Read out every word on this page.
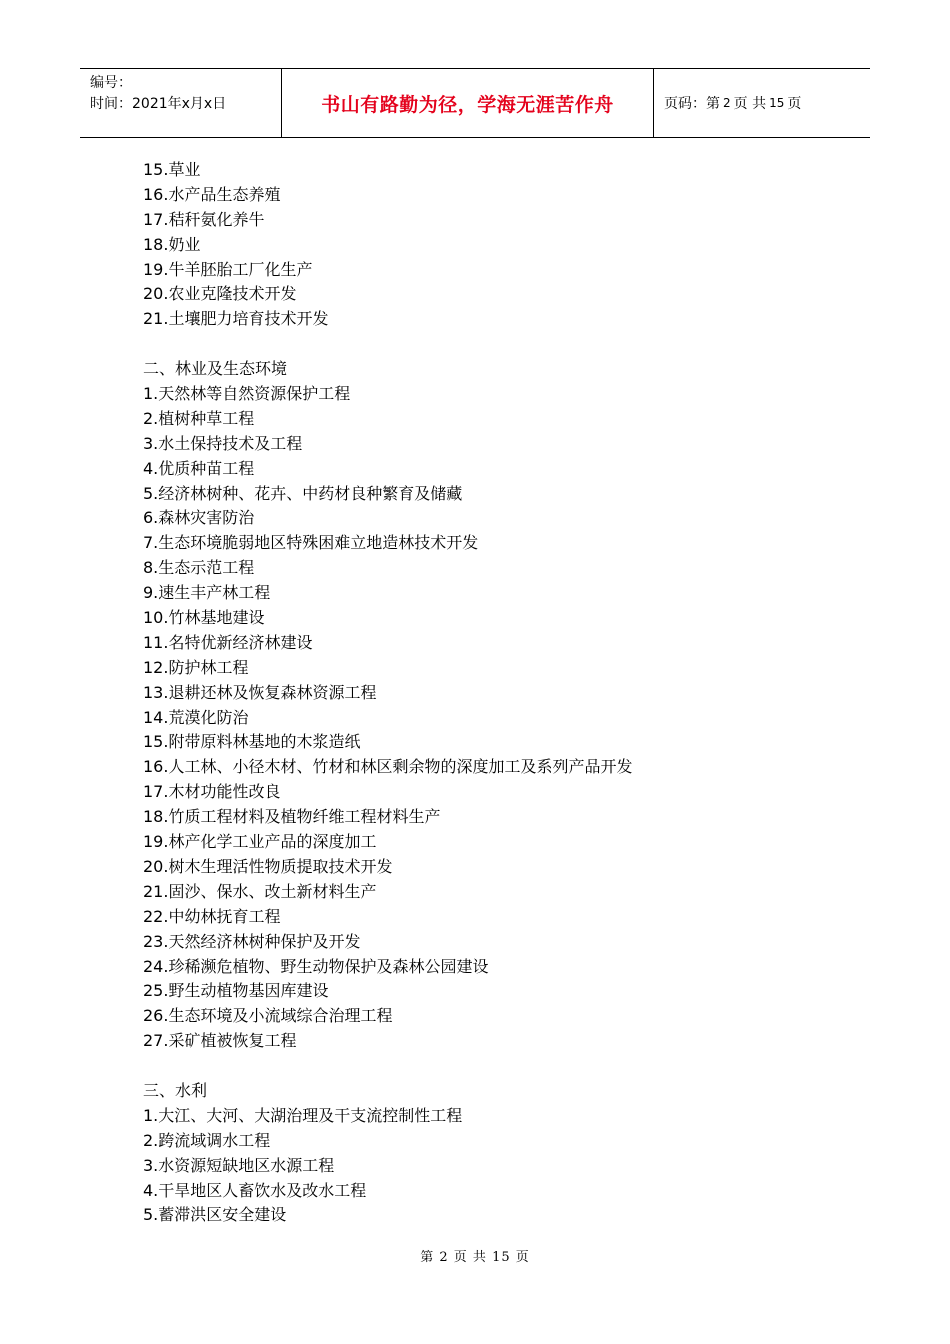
编号：
时间：2021年x月x日	书山有路勤为径，学海无涯苦作舟	页码：第 2 页 共 15 页
15.草业
16.水产品生态养殖
17.秸秆氨化养牛
18.奶业
19.牛羊胚胎工厂化生产
20.农业克隆技术开发
21.土壤肥力培育技术开发
二、林业及生态环境
1.天然林等自然资源保护工程
2.植树种草工程
3.水土保持技术及工程
4.优质种苗工程
5.经济林树种、花卉、中药材良种繁育及储藏
6.森林灾害防治
7.生态环境脆弱地区特殊困难立地造林技术开发
8.生态示范工程
9.速生丰产林工程
10.竹林基地建设
11.名特优新经济林建设
12.防护林工程
13.退耕还林及恢复森林资源工程
14.荒漠化防治
15.附带原料林基地的木浆造纸
16.人工林、小径木材、竹材和林区剩余物的深度加工及系列产品开发
17.木材功能性改良
18.竹质工程材料及植物纤维工程材料生产
19.林产化学工业产品的深度加工
20.树木生理活性物质提取技术开发
21.固沙、保水、改土新材料生产
22.中幼林抚育工程
23.天然经济林树种保护及开发
24.珍稀濒危植物、野生动物保护及森林公园建设
25.野生动植物基因库建设
26.生态环境及小流域综合治理工程
27.采矿植被恢复工程
三、水利
1.大江、大河、大湖治理及干支流控制性工程
2.跨流域调水工程
3.水资源短缺地区水源工程
4.干旱地区人畜饮水及改水工程
5.蓄滞洪区安全建设
第 2 页 共 15 页
